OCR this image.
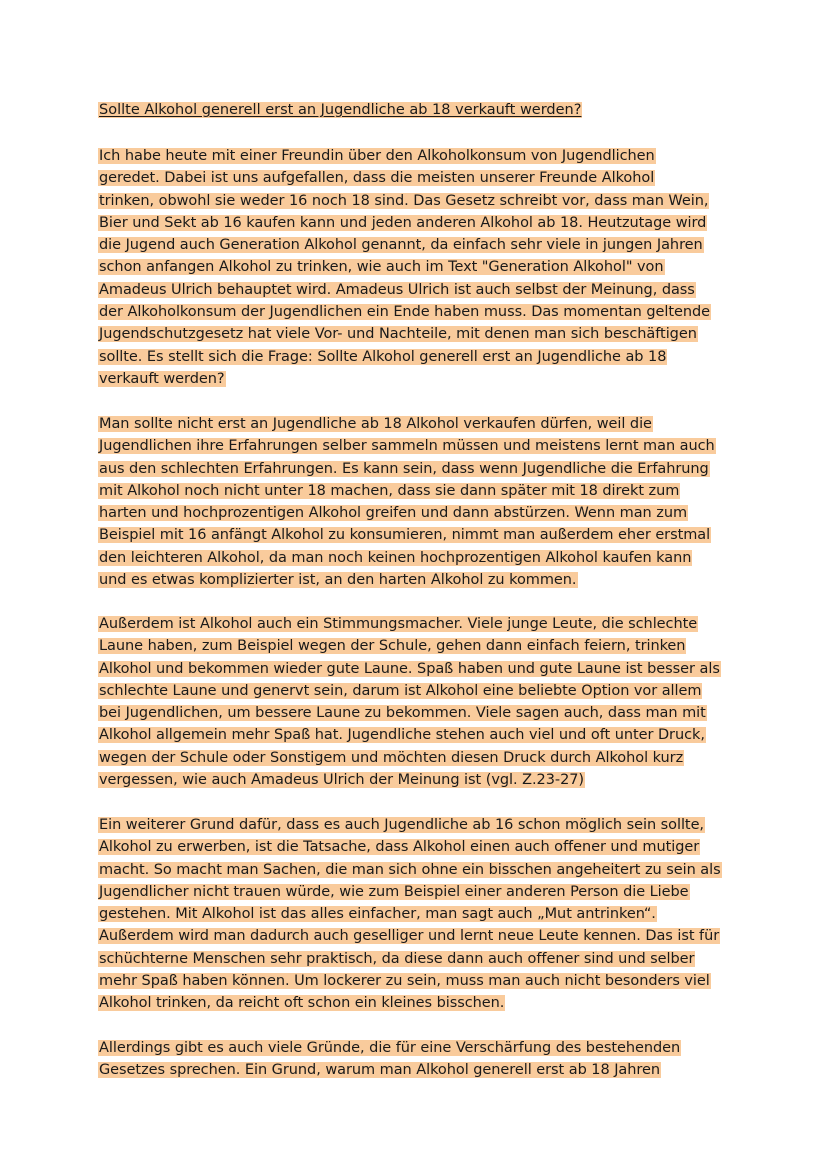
Sollte Alkohol generell erst an Jugendliche ab 18 verkauft werden?
Ich habe heute mit einer Freundin über den Alkoholkonsum von Jugendlichen
geredet. Dabei ist uns aufgefallen, dass die meisten unserer Freunde Alkohol
trinken, obwohl sie weder 16 noch 18 sind. Das Gesetz schreibt vor, dass man Wein,
Bier und Sekt ab 16 kaufen kann und jeden anderen Alkohol ab 18. Heutzutage wird
die Jugend auch Generation Alkohol genannt, da einfach sehr viele in jungen Jahren
schon anfangen Alkohol zu trinken, wie auch im Text "Generation Alkohol" von
Amadeus Ulrich behauptet wird. Amadeus Ulrich ist auch selbst der Meinung, dass
der Alkoholkonsum der Jugendlichen ein Ende haben muss. Das momentan geltende
Jugendschutzgesetz hat viele Vor- und Nachteile, mit denen man sich beschäftigen
sollte. Es stellt sich die Frage: Sollte Alkohol generell erst an Jugendliche ab 18
verkauft werden?
Man sollte nicht erst an Jugendliche ab 18 Alkohol verkaufen dürfen, weil die
Jugendlichen ihre Erfahrungen selber sammeln müssen und meistens lernt man auch
aus den schlechten Erfahrungen. Es kann sein, dass wenn Jugendliche die Erfahrung
mit Alkohol noch nicht unter 18 machen, dass sie dann später mit 18 direkt zum
harten und hochprozentigen Alkohol greifen und dann abstürzen. Wenn man zum
Beispiel mit 16 anfängt Alkohol zu konsumieren, nimmt man außerdem eher erstmal
den leichteren Alkohol, da man noch keinen hochprozentigen Alkohol kaufen kann
und es etwas komplizierter ist, an den harten Alkohol zu kommen.
Außerdem ist Alkohol auch ein Stimmungsmacher. Viele junge Leute, die schlechte
Laune haben, zum Beispiel wegen der Schule, gehen dann einfach feiern, trinken
Alkohol und bekommen wieder gute Laune. Spaß haben und gute Laune ist besser als
schlechte Laune und genervt sein, darum ist Alkohol eine beliebte Option vor allem
bei Jugendlichen, um bessere Laune zu bekommen. Viele sagen auch, dass man mit
Alkohol allgemein mehr Spaß hat. Jugendliche stehen auch viel und oft unter Druck,
wegen der Schule oder Sonstigem und möchten diesen Druck durch Alkohol kurz
vergessen, wie auch Amadeus Ulrich der Meinung ist (vgl. Z.23-27)
Ein weiterer Grund dafür, dass es auch Jugendliche ab 16 schon möglich sein sollte,
Alkohol zu erwerben, ist die Tatsache, dass Alkohol einen auch offener und mutiger
macht. So macht man Sachen, die man sich ohne ein bisschen angeheitert zu sein als
Jugendlicher nicht trauen würde, wie zum Beispiel einer anderen Person die Liebe
gestehen. Mit Alkohol ist das alles einfacher, man sagt auch „Mut antrinken“.
Außerdem wird man dadurch auch geselliger und lernt neue Leute kennen. Das ist für
schüchterne Menschen sehr praktisch, da diese dann auch offener sind und selber
mehr Spaß haben können. Um lockerer zu sein, muss man auch nicht besonders viel
Alkohol trinken, da reicht oft schon ein kleines bisschen.
Allerdings gibt es auch viele Gründe, die für eine Verschärfung des bestehenden
Gesetzes sprechen. Ein Grund, warum man Alkohol generell erst ab 18 Jahren
